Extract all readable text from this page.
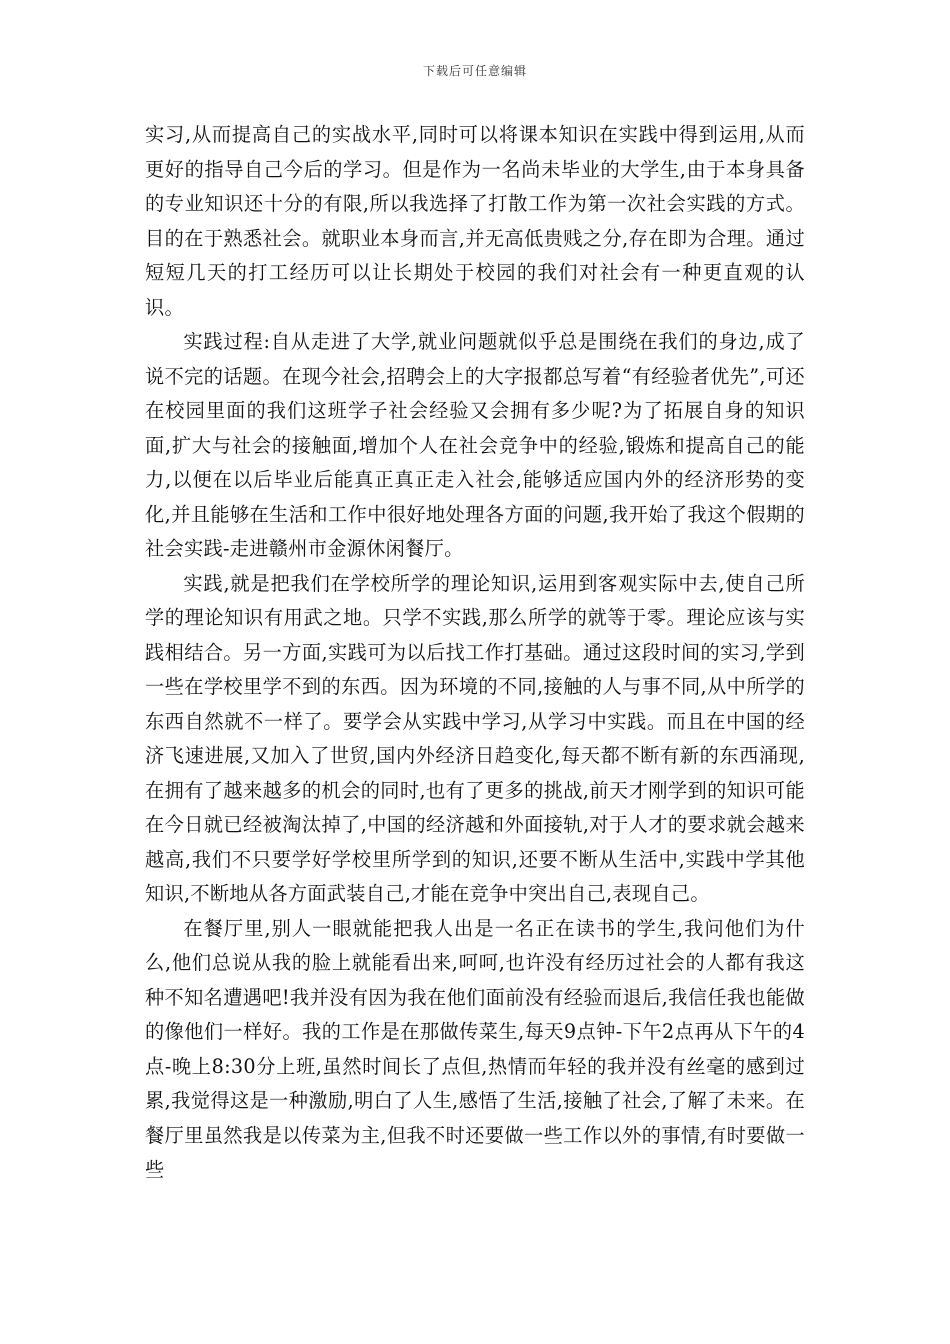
下载后可任意编辑

实习,从而提高自己的实战水平,同时可以将课本知识在实践中得到运用,从而更好的指导自己今后的学习。但是作为一名尚未毕业的大学生,由于本身具备的专业知识还十分的有限,所以我选择了打散工作为第一次社会实践的方式。目的在于熟悉社会。就职业本身而言,并无高低贵贱之分,存在即为合理。通过短短几天的打工经历可以让长期处于校园的我们对社会有一种更直观的认识。

实践过程:自从走进了大学,就业问题就似乎总是围绕在我们的身边,成了说不完的话题。在现今社会,招聘会上的大字报都总写着“有经验者优先”,可还在校园里面的我们这班学子社会经验又会拥有多少呢?为了拓展自身的知识面,扩大与社会的接触面,增加个人在社会竞争中的经验,锻炼和提高自己的能力,以便在以后毕业后能真正真正走入社会,能够适应国内外的经济形势的变化,并且能够在生活和工作中很好地处理各方面的问题,我开始了我这个假期的社会实践-走进赣州市金源休闲餐厅。

实践,就是把我们在学校所学的理论知识,运用到客观实际中去,使自己所学的理论知识有用武之地。只学不实践,那么所学的就等于零。理论应该与实践相结合。另一方面,实践可为以后找工作打基础。通过这段时间的实习,学到一些在学校里学不到的东西。因为环境的不同,接触的人与事不同,从中所学的东西自然就不一样了。要学会从实践中学习,从学习中实践。而且在中国的经济飞速进展,又加入了世贸,国内外经济日趋变化,每天都不断有新的东西涌现,在拥有了越来越多的机会的同时,也有了更多的挑战,前天才刚学到的知识可能在今日就已经被淘汰掉了,中国的经济越和外面接轨,对于人才的要求就会越来越高,我们不只要学好学校里所学到的知识,还要不断从生活中,实践中学其他知识,不断地从各方面武装自己,才能在竞争中突出自己,表现自己。

在餐厅里,别人一眼就能把我人出是一名正在读书的学生,我问他们为什么,他们总说从我的脸上就能看出来,呵呵,也许没有经历过社会的人都有我这种不知名遭遇吧!我并没有因为我在他们面前没有经验而退后,我信任我也能做的像他们一样好。我的工作是在那做传菜生,每天9点钟-下午2点再从下午的4点-晚上8:30分上班,虽然时间长了点但,热情而年轻的我并没有丝毫的感到过累,我觉得这是一种激励,明白了人生,感悟了生活,接触了社会,了解了未来。在餐厅里虽然我是以传菜为主,但我不时还要做一些工作以外的事情,有时要做一些
